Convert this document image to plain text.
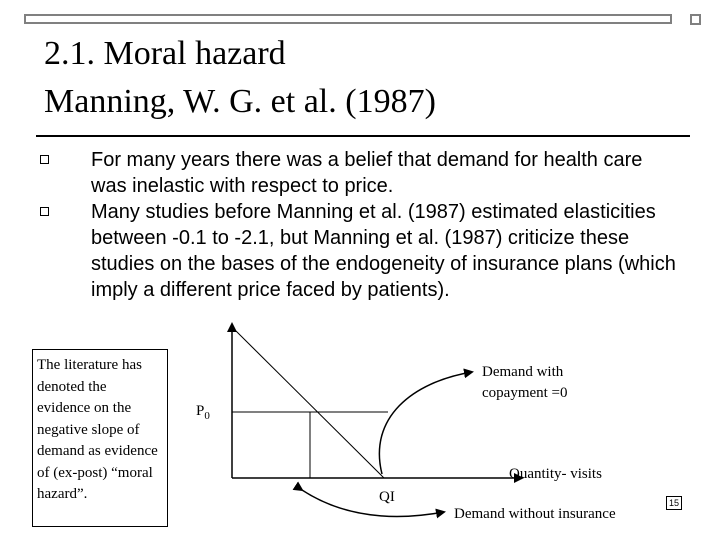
2.1. Moral hazard
Manning, W. G. et al. (1987)
For many years there was a belief that demand for health care was inelastic with respect to price.
Many studies before Manning et al. (1987) estimated elasticities between -0.1 to -2.1, but Manning et al. (1987) criticize these studies on the bases of the endogeneity of insurance plans (which imply a different price faced by patients).
The literature has denoted the evidence on the negative slope of demand as evidence of (ex-post) “moral hazard”.
$P_0$
Demand with
copayment =0
Quantity- visits
QI
Demand without insurance
15
